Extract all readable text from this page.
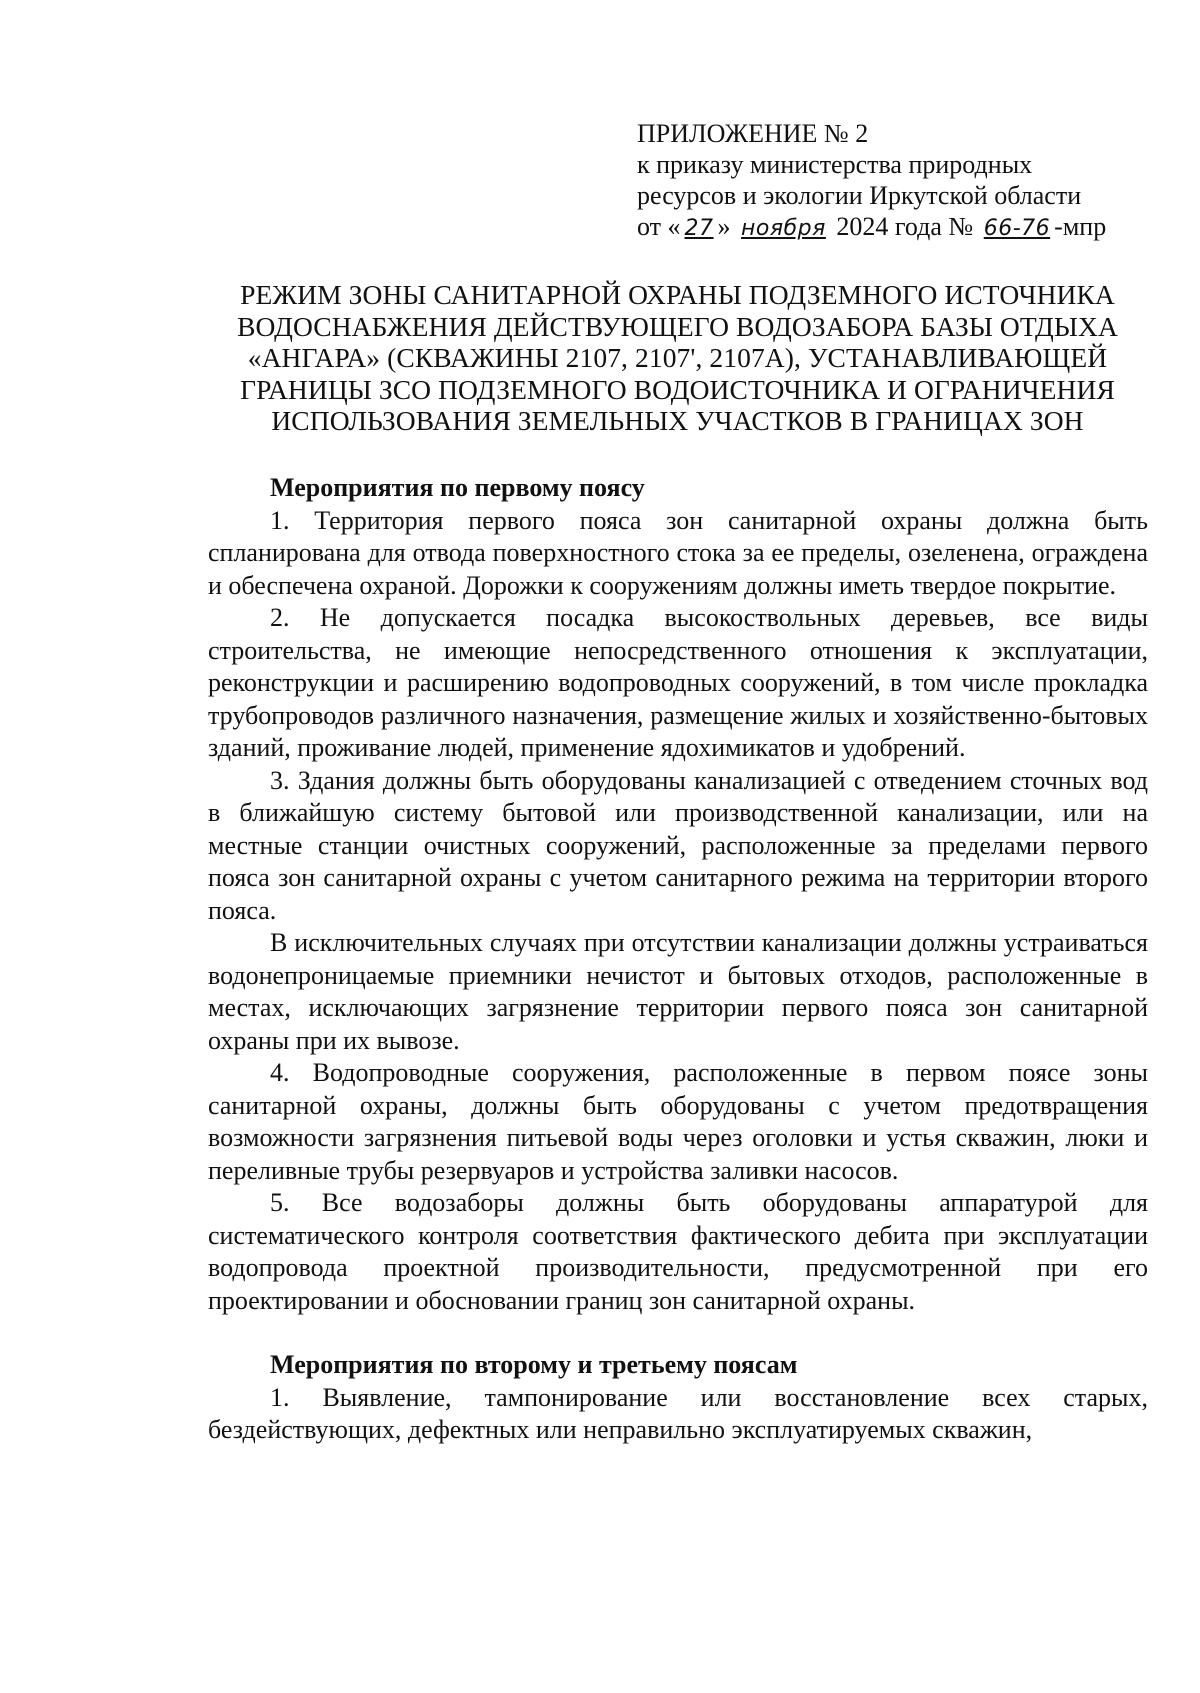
ПРИЛОЖЕНИЕ № 2
к приказу министерства природных
ресурсов и экологии Иркутской области
от « 27 » ноября 2024 года № 66-76 -мпр
РЕЖИМ ЗОНЫ САНИТАРНОЙ ОХРАНЫ ПОДЗЕМНОГО ИСТОЧНИКА
ВОДОСНАБЖЕНИЯ ДЕЙСТВУЮЩЕГО ВОДОЗАБОРА БАЗЫ ОТДЫХА
«АНГАРА» (СКВАЖИНЫ 2107, 2107', 2107А), УСТАНАВЛИВАЮЩЕЙ
ГРАНИЦЫ ЗСО ПОДЗЕМНОГО ВОДОИСТОЧНИКА И ОГРАНИЧЕНИЯ
ИСПОЛЬЗОВАНИЯ ЗЕМЕЛЬНЫХ УЧАСТКОВ В ГРАНИЦАХ ЗОН

Мероприятия по первому поясу

1. Территория первого пояса зон санитарной охраны должна быть спланирована для отвода поверхностного стока за ее пределы, озеленена, ограждена и обеспечена охраной. Дорожки к сооружениям должны иметь твердое покрытие.

2. Не допускается посадка высокоствольных деревьев, все виды строительства, не имеющие непосредственного отношения к эксплуатации, реконструкции и расширению водопроводных сооружений, в том числе прокладка трубопроводов различного назначения, размещение жилых и хозяйственно-бытовых зданий, проживание людей, применение ядохимикатов и удобрений.

3. Здания должны быть оборудованы канализацией с отведением сточных вод в ближайшую систему бытовой или производственной канализации, или на местные станции очистных сооружений, расположенные за пределами первого пояса зон санитарной охраны с учетом санитарного режима на территории второго пояса.

В исключительных случаях при отсутствии канализации должны устраиваться водонепроницаемые приемники нечистот и бытовых отходов, расположенные в местах, исключающих загрязнение территории первого пояса зон санитарной охраны при их вывозе.

4. Водопроводные сооружения, расположенные в первом поясе зоны санитарной охраны, должны быть оборудованы с учетом предотвращения возможности загрязнения питьевой воды через оголовки и устья скважин, люки и переливные трубы резервуаров и устройства заливки насосов.

5. Все водозаборы должны быть оборудованы аппаратурой для систематического контроля соответствия фактического дебита при эксплуатации водопровода проектной производительности, предусмотренной при его проектировании и обосновании границ зон санитарной охраны.

Мероприятия по второму и третьему поясам

1. Выявление, тампонирование или восстановление всех старых, бездействующих, дефектных или неправильно эксплуатируемых скважин,
